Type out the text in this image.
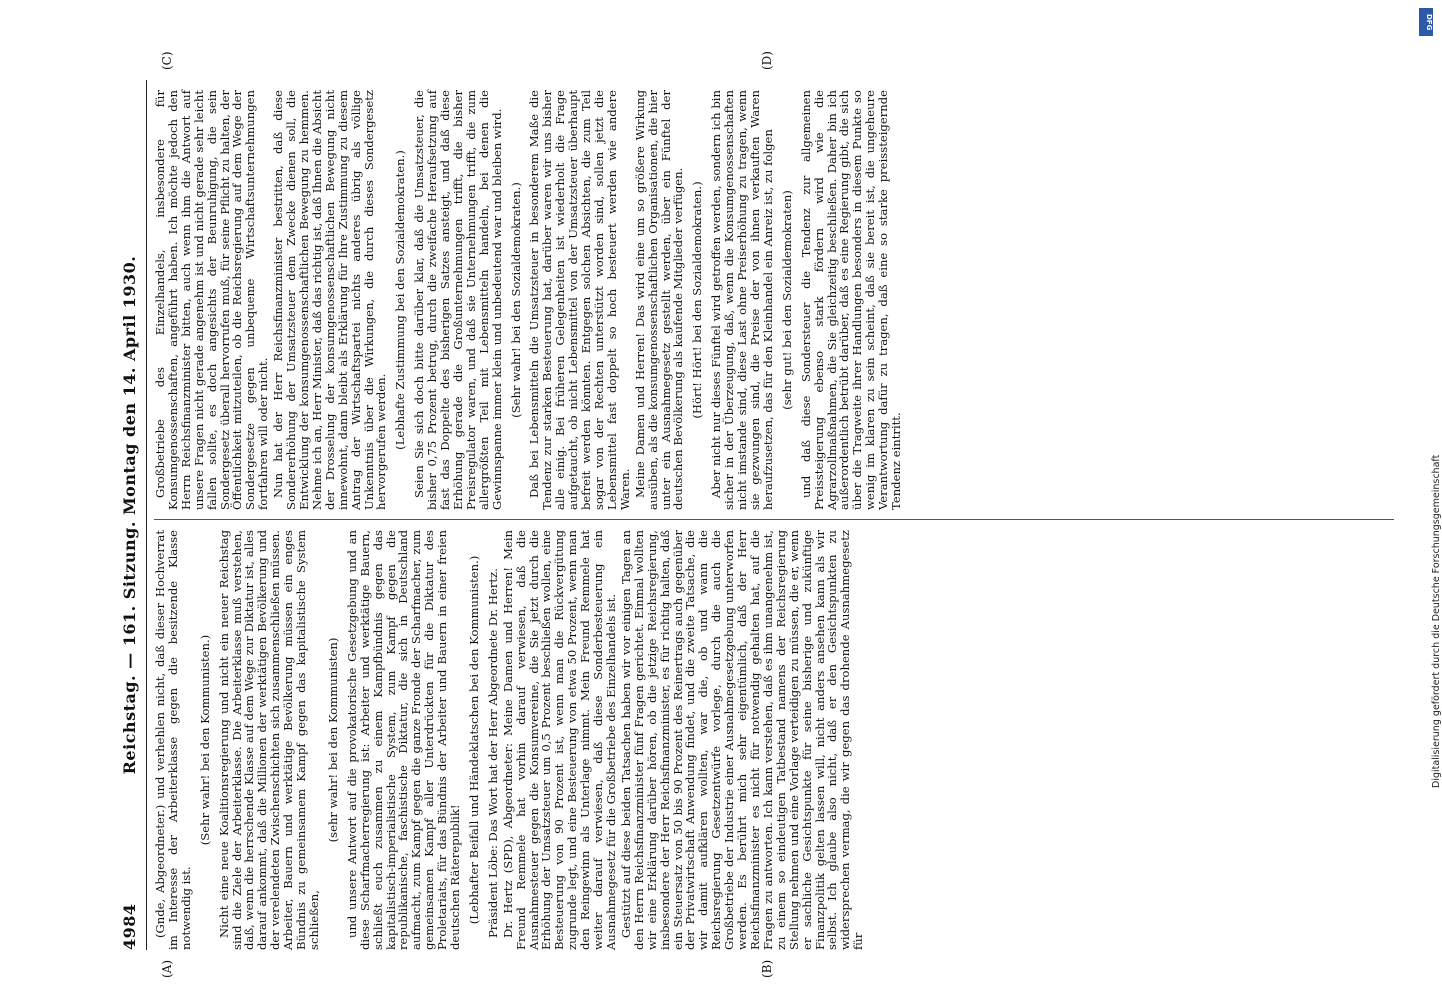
4984
Reichstag. — 161. Sitzung. Montag den 14. April 1930.
(A)	(B)
(C)	(D)

(Gnde, Abgeordneter.) und verhehlen nicht, daß dieser Hochverrat im Interesse der Arbeiterklasse gegen die besitzende Klasse notwendig ist.

(Sehr wahr! bei den Kommunisten.) Nicht eine neue Koalitionsregierung und nicht ein neuer Reichstag sind die Ziele der Arbeiterklasse. Die Arbeiterklasse muß verstehen, daß, wenn die herrschende Klasse auf dem Wege zur Diktatur ist, alles darauf ankommt, daß die Millionen der werktätigen Bevölkerung und der verelendeten Zwischenschichten sich zusammenschließen müssen. Arbeiter, Bauern und werktätige Bevölkerung müssen ein enges Bündnis zu gemeinsamem Kampf gegen das kapitalistische System schließen,

(sehr wahr! bei den Kommunisten) und unsere Antwort auf die provokatorische Gesetzgebung und an diese Scharfmacherregierung ist: Arbeiter und werktätige Bauern, schließt euch zusammen zu einem Kampfbündnis gegen das kapitalistisch-imperialistische System, zum Kampf gegen die republikanische, faschistische Diktatur, die sich in Deutschland aufmacht, zum Kampf gegen die ganze Fronde der Scharfmacher, zum gemeinsamen Kampf aller Unterdrückten für die Diktatur des Proletariats, für das Bündnis der Arbeiter und Bauern in einer freien deutschen Räterepublik! (Lebhafter Beifall und Händeklatschen bei den Kommunisten.) Präsident Löbe: Das Wort hat der Herr Abgeordnete Dr. Hertz. Dr. Hertz (SPD), Abgeordneter: Meine Damen und Herren! Mein Freund Remmele hat vorhin darauf verwiesen, daß die Ausnahmesteuer gegen die Konsumvereine, die Sie jetzt durch die Erhöhung der Umsatzsteuer um 0,5 Prozent beschließen wollen, eine Besteuerung von 90 Prozent ist, wenn man die Rückvergütung zugrunde legt, und eine Besteuerung von etwa 50 Prozent, wenn man den Reingewinn als Unterlage nimmt. Mein Freund Remmele hat weiter darauf verwiesen, daß diese Sonderbesteuerung ein Ausnahmegesetz für die Großbetriebe des Einzelhandels ist. Gestützt auf diese beiden Tatsachen haben wir vor einigen Tagen an den Herrn Reichsfinanzminister fünf Fragen gerichtet. Einmal wollten wir eine Erklärung darüber hören, ob die jetzige Reichsregierung, insbesondere der Herr Reichsfinanzminister, es für richtig halten, daß ein Steuersatz von 50 bis 90 Prozent des Reinertrags auch gegenüber der Privatwirtschaft Anwendung findet, und die zweite Tatsache, die wir damit aufklären wollten, war die, ob und wann die Reichsregierung Gesetzentwürfe vorlege, durch die auch die Großbetriebe der Industrie einer Ausnahmegesetzgebung unterworfen werden. Es berührt mich sehr eigentümlich, daß der Herr Reichsfinanzminister es nicht für notwendig gehalten hat, auf die Fragen zu antworten. Ich kann verstehen, daß es ihm unangenehm ist, zu einem so eindeutigen Tatbestand namens der Reichsregierung Stellung nehmen und eine Vorlage verteidigen zu müssen, die er, wenn er sachliche Gesichtspunkte für seine bisherige und zukünftige Finanzpolitik gelten lassen will, nicht anders ansehen kann als wir selbst. Ich glaube also nicht, daß er den Gesichtspunkten zu widersprechen vermag, die wir gegen das drohende Ausnahmegesetz für

Großbetriebe des Einzelhandels, insbesondere für Konsumgenossenschaften, angeführt haben. Ich möchte jedoch den Herrn Reichsfinanzminister bitten, auch wenn ihm die Antwort auf unsere Fragen nicht gerade angenehm ist und nicht gerade sehr leicht fallen sollte, es doch angesichts der Beunruhigung, die sein Sondergesetz überall hervorrufen muß, für seine Pflicht zu halten, der Öffentlichkeit mitzuteilen, ob die Reichsregierung auf dem Wege der Sondergesetze gegen unbequeme Wirtschaftsunternehmungen fortfahren will oder nicht. Nun hat der Herr Reichsfinanzminister bestritten, daß diese Sondererhöhung der Umsatzsteuer dem Zwecke dienen soll, die Entwicklung der konsumgenossenschaftlichen Bewegung zu hemmen. Nehme ich an, Herr Minister, daß das richtig ist, daß Ihnen die Absicht der Drosselung der konsumgenossenschaftlichen Bewegung nicht innewohnt, dann bleibt als Erklärung für Ihre Zustimmung zu diesem Antrag der Wirtschaftspartei nichts anderes übrig als völlige Unkenntnis über die Wirkungen, die durch dieses Sondergesetz hervorgerufen werden. (Lebhafte Zustimmung bei den Sozialdemokraten.) Seien Sie sich doch bitte darüber klar, daß die Umsatzsteuer, die bisher 0,75 Prozent betrug, durch die zweifache Heraufsetzung auf fast das Doppelte des bisherigen Satzes ansteigt, und daß diese Erhöhung gerade die Großunternehmungen trifft, die bisher Preisregulator waren, und daß sie Unternehmungen trifft, die zum allergrößten Teil mit Lebensmitteln handeln, bei denen die Gewinnspanne immer klein und unbedeutend war und bleiben wird. (Sehr wahr! bei den Sozialdemokraten.) Daß bei Lebensmitteln die Umsatzsteuer in besonderem Maße die Tendenz zur starken Besteuerung hat, darüber waren wir uns bisher alle einig. Bei früheren Gelegenheiten ist wiederholt die Frage aufgetaucht, ob nicht Lebensmittel von der Umsatzsteuer überhaupt befreit werden könnten. Entgegen solchen Absichten, die zum Teil sogar von der Rechten unterstützt worden sind, sollen jetzt die Lebensmittel fast doppelt so hoch besteuert werden wie andere Waren. Meine Damen und Herren! Das wird eine um so größere Wirkung ausüben, als die konsumgenossenschaftlichen Organisationen, die hier unter ein Ausnahmegesetz gestellt werden, über ein Fünftel der deutschen Bevölkerung als kaufende Mitglieder verfügen. (Hört! Hört! bei den Sozialdemokraten.) Aber nicht nur dieses Fünftel wird getroffen werden, sondern ich bin sicher in der Überzeugung, daß, wenn die Konsumgenossenschaften nicht imstande sind, diese Last ohne Preiserhöhung zu tragen, wenn sie gezwungen sind, die Preise der von ihnen verkauften Waren heraufzusetzen, das für den Kleinhandel ein Anreiz ist, zu folgen (sehr gut! bei den Sozialdemokraten) und daß diese Sondersteuer die Tendenz zur allgemeinen Preissteigerung ebenso stark fördern wird wie die Agrarzollmaßnahmen, die Sie gleichzeitig beschließen. Daher bin ich außerordentlich betrübt darüber, daß es eine Regierung gibt, die sich über die Tragweite ihrer Handlungen besonders in diesem Punkte so wenig im klaren zu sein scheint, daß sie bereit ist, die ungeheure Verantwortung dafür zu tragen, daß eine so starke preissteigernde Tendenz eintritt.

DFG
Digitalisierung gefördert durch die Deutsche Forschungsgemeinschaft
